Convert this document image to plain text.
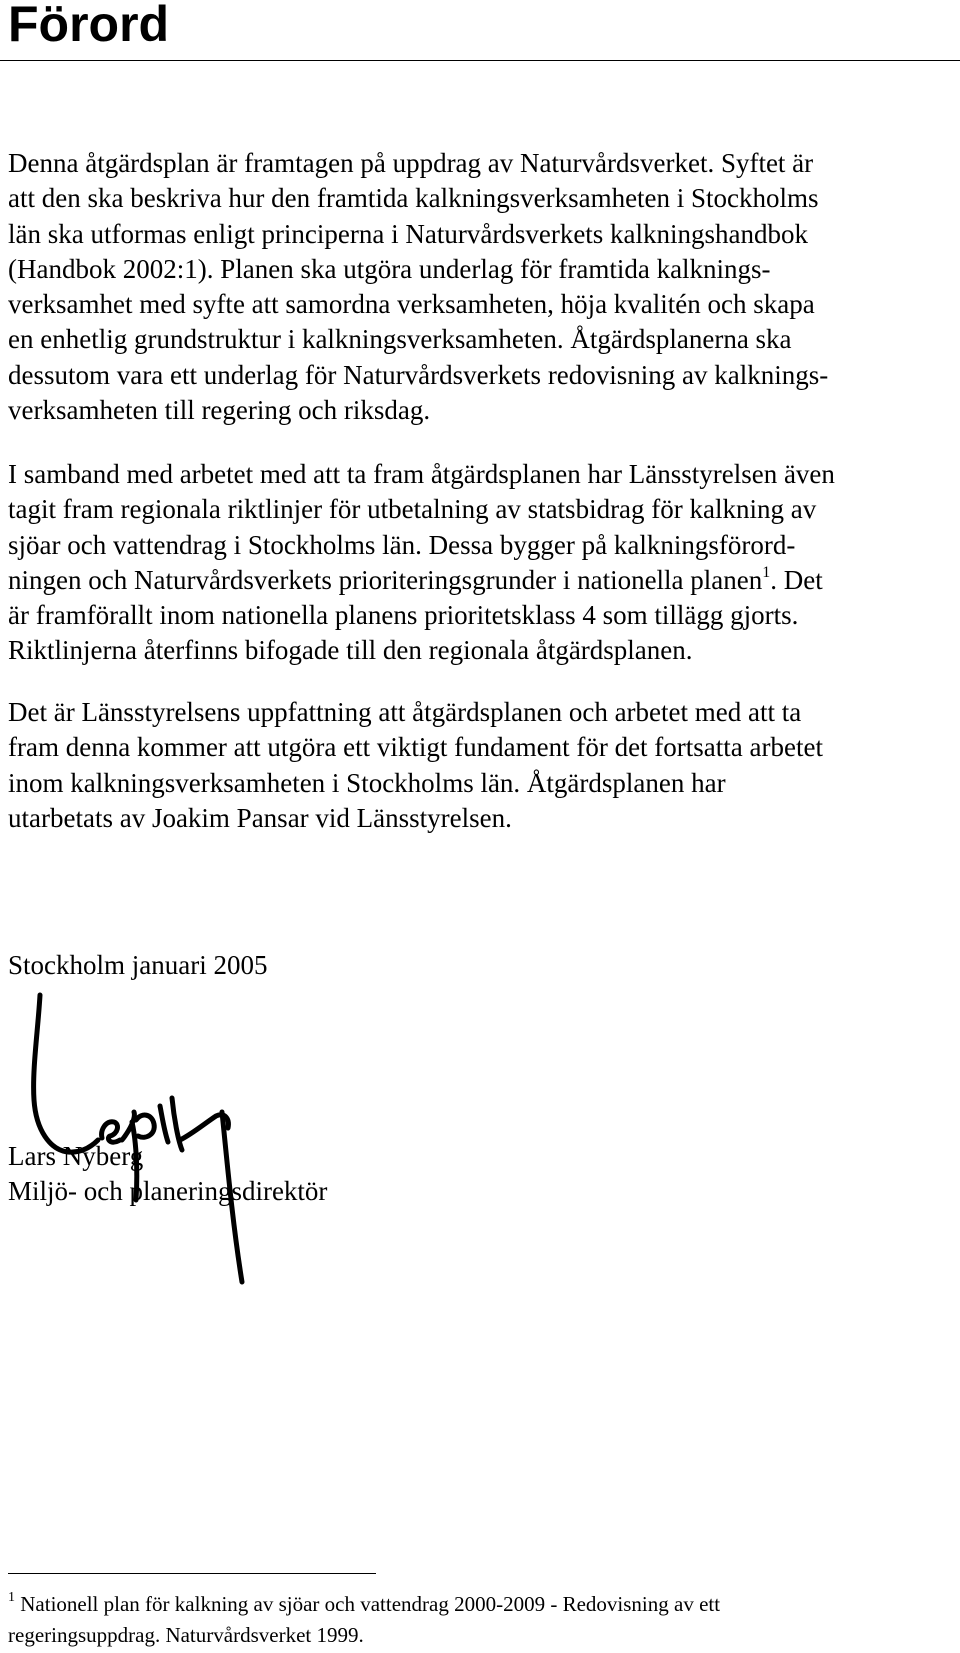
Förord
Denna åtgärdsplan är framtagen på uppdrag av Naturvårdsverket. Syftet är
att den ska beskriva hur den framtida kalkningsverksamheten i Stockholms
län ska utformas enligt principerna i Naturvårdsverkets kalkningshandbok
(Handbok 2002:1). Planen ska utgöra underlag för framtida kalknings-
verksamhet med syfte att samordna verksamheten, höja kvalitén och skapa
en enhetlig grundstruktur i kalkningsverksamheten. Åtgärdsplanerna ska
dessutom vara ett underlag för Naturvårdsverkets redovisning av kalknings-
verksamheten till regering och riksdag.
I samband med arbetet med att ta fram åtgärdsplanen har Länsstyrelsen även
tagit fram regionala riktlinjer för utbetalning av statsbidrag för kalkning av
sjöar och vattendrag i Stockholms län. Dessa bygger på kalkningsförord-
ningen och Naturvårdsverkets prioriteringsgrunder i nationella planen$^1$. Det
är framförallt inom nationella planens prioritetsklass 4 som tillägg gjorts.
Riktlinjerna återfinns bifogade till den regionala åtgärdsplanen.
Det är Länsstyrelsens uppfattning att åtgärdsplanen och arbetet med att ta
fram denna kommer att utgöra ett viktigt fundament för det fortsatta arbetet
inom kalkningsverksamheten i Stockholms län. Åtgärdsplanen har
utarbetats av Joakim Pansar vid Länsstyrelsen.
Stockholm januari 2005
Lars Nyberg
Miljö- och planeringsdirektör
$^1$ Nationell plan för kalkning av sjöar och vattendrag 2000-2009 - Redovisning av ett
regeringsuppdrag. Naturvårdsverket 1999.
